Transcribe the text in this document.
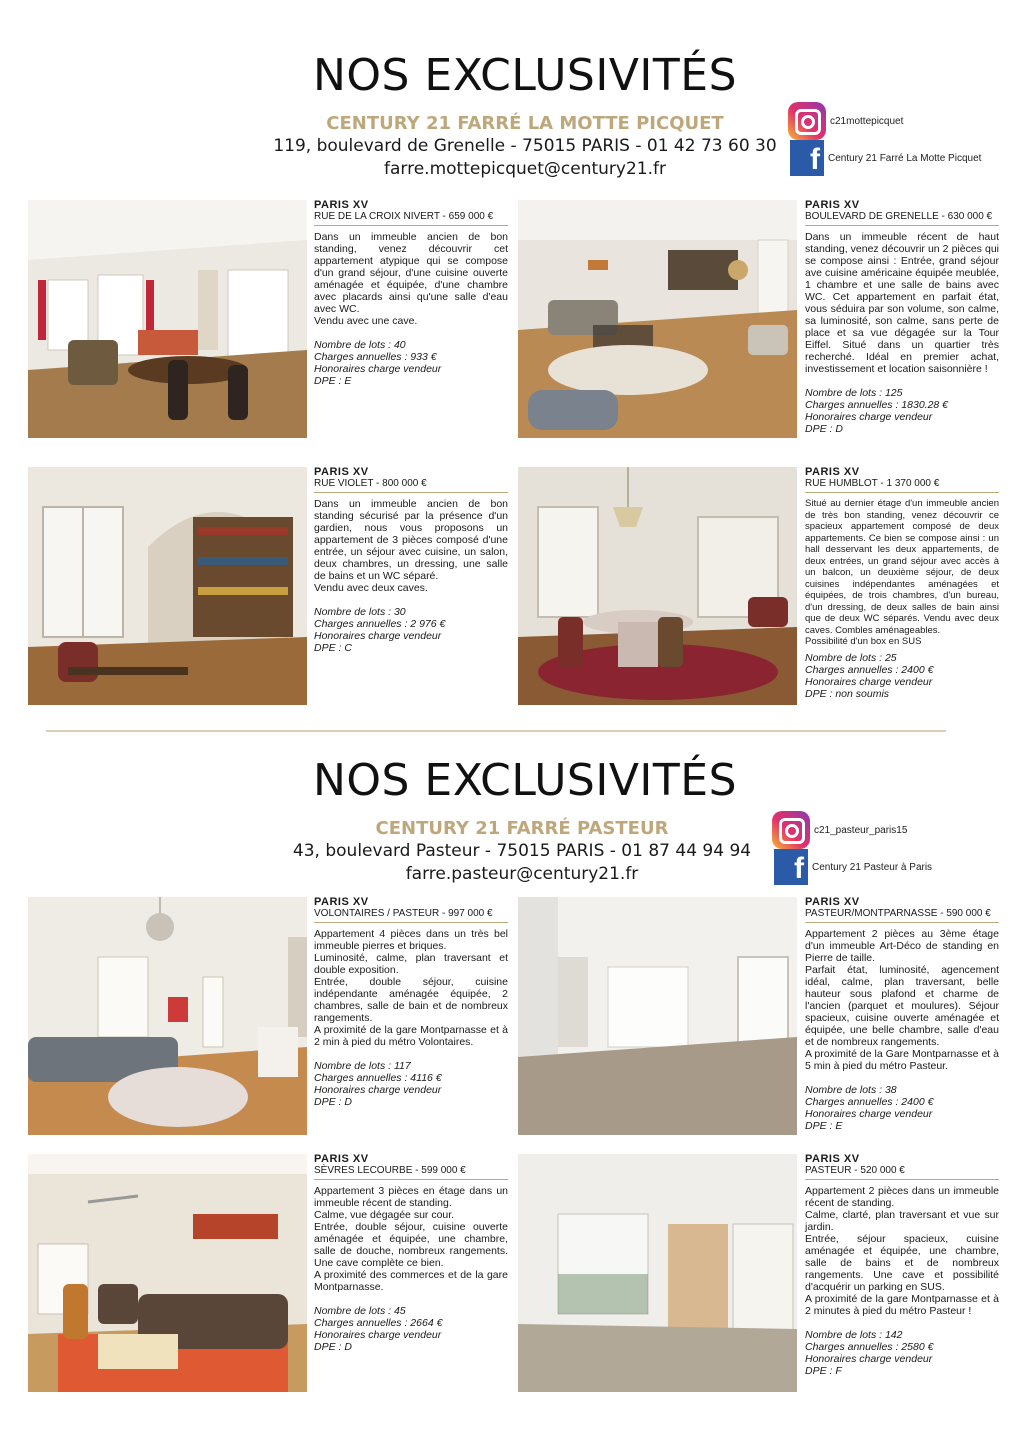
NOS EXCLUSIVITÉS
CENTURY 21 FARRÉ LA MOTTE PICQUET
119, boulevard de Grenelle - 75015 PARIS - 01 42 73 60 30
farre.mottepicquet@century21.fr
c21mottepicquet
f Century 21 Farré La Motte Picquet
PARIS XV
RUE DE LA CROIX NIVERT - 659 000 €
Dans un immeuble ancien de bon standing, venez découvrir cet appartement atypique qui se compose d'un grand séjour, d'une cuisine ouverte aménagée et équipée, d'une chambre avec placards ainsi qu'une salle d'eau avec WC.
Vendu avec une cave.
Nombre de lots : 40
Charges annuelles : 933 €
Honoraires charge vendeur
DPE : E
PARIS XV
BOULEVARD DE GRENELLE - 630 000 €
Dans un immeuble récent de haut standing, venez découvrir un 2 pièces qui se compose ainsi : Entrée, grand séjour ave cuisine américaine équipée meublée, 1 chambre et une salle de bains avec WC. Cet appartement en parfait état, vous séduira par son volume, son calme, sa luminosité, son calme, sans perte de place et sa vue dégagée sur la Tour Eiffel. Situé dans un quartier très recherché. Idéal en premier achat, investissement et location saisonnière !
Nombre de lots : 125
Charges annuelles : 1830.28 €
Honoraires charge vendeur
DPE : D
PARIS XV
RUE VIOLET - 800 000 €
Dans un immeuble ancien de bon standing sécurisé par la présence d'un gardien, nous vous proposons un appartement de 3 pièces composé d'une entrée, un séjour avec cuisine, un salon, deux chambres, un dressing, une salle de bains et un WC séparé.
Vendu avec deux caves.
Nombre de lots : 30
Charges annuelles : 2 976 €
Honoraires charge vendeur
DPE : C
PARIS XV
RUE HUMBLOT - 1 370 000 €
Situé au dernier étage d'un immeuble ancien de très bon standing, venez découvrir ce spacieux appartement composé de deux appartements. Ce bien se compose ainsi : un hall desservant les deux appartements, de deux entrées, un grand séjour avec accès à un balcon, un deuxième séjour, de deux cuisines indépendantes aménagées et équipées, de trois chambres, d'un bureau, d'un dressing, de deux salles de bain ainsi que de deux WC séparés. Vendu avec deux caves. Combles aménageables.
Possibilité d'un box en SUS
Nombre de lots : 25
Charges annuelles : 2400 €
Honoraires charge vendeur
DPE : non soumis
NOS EXCLUSIVITÉS
CENTURY 21 FARRÉ PASTEUR
43, boulevard Pasteur - 75015 PARIS - 01 87 44 94 94
farre.pasteur@century21.fr
c21_pasteur_paris15
f Century 21 Pasteur à Paris
PARIS XV
VOLONTAIRES / PASTEUR - 997 000 €
Appartement 4 pièces dans un très bel immeuble pierres et briques.
Luminosité, calme, plan traversant et double exposition.
Entrée, double séjour, cuisine indépendante aménagée équipée, 2 chambres, salle de bain et de nombreux rangements.
A proximité de la gare Montparnasse et à 2 min à pied du métro Volontaires.
Nombre de lots : 117
Charges annuelles : 4116 €
Honoraires charge vendeur
DPE : D
PARIS XV
PASTEUR/MONTPARNASSE - 590 000 €
Appartement 2 pièces au 3ème étage d'un immeuble Art-Déco de standing en Pierre de taille.
Parfait état, luminosité, agencement idéal, calme, plan traversant, belle hauteur sous plafond et charme de l'ancien (parquet et moulures). Séjour spacieux, cuisine ouverte aménagée et équipée, une belle chambre, salle d'eau et de nombreux rangements.
A proximité de la Gare Montparnasse et à 5 min à pied du métro Pasteur.
Nombre de lots : 38
Charges annuelles : 2400 €
Honoraires charge vendeur
DPE : E
PARIS XV
SÈVRES LECOURBE - 599 000 €
Appartement 3 pièces en étage dans un immeuble récent de standing.
Calme, vue dégagée sur cour.
Entrée, double séjour, cuisine ouverte aménagée et équipée, une chambre, salle de douche, nombreux rangements. Une cave complète ce bien.
A proximité des commerces et de la gare Montparnasse.
Nombre de lots : 45
Charges annuelles : 2664 €
Honoraires charge vendeur
DPE : D
PARIS XV
PASTEUR - 520 000 €
Appartement 2 pièces dans un immeuble récent de standing.
Calme, clarté, plan traversant et vue sur jardin.
Entrée, séjour spacieux, cuisine aménagée et équipée, une chambre, salle de bains et de nombreux rangements. Une cave et possibilité d'acquérir un parking en SUS.
A proximité de la gare Montparnasse et à 2 minutes à pied du métro Pasteur !
Nombre de lots : 142
Charges annuelles : 2580 €
Honoraires charge vendeur
DPE : F
